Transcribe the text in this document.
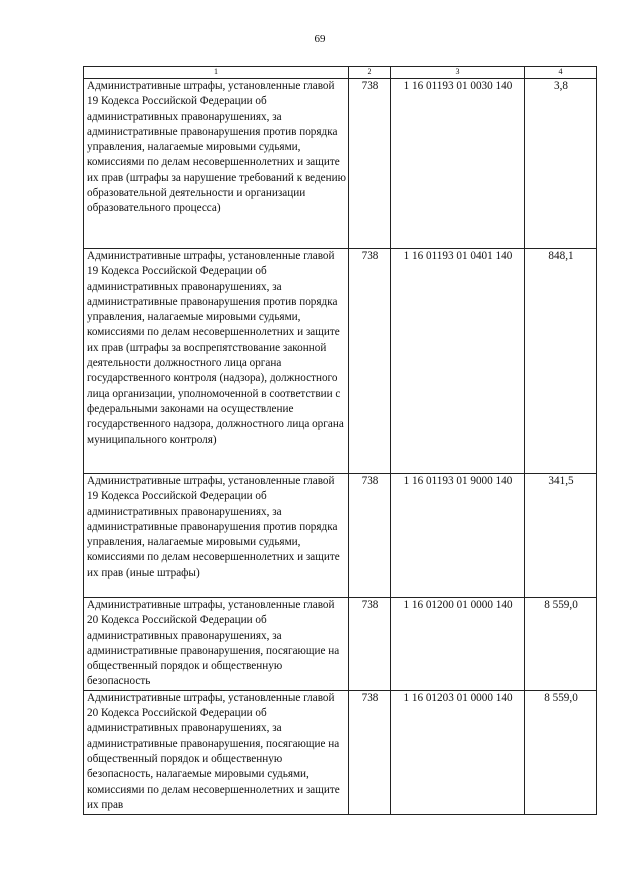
69
1	2	3	4
Административные штрафы, установленные главой 19 Кодекса Российской Федерации об административных правонарушениях, за административные правонарушения против порядка управления, налагаемые мировыми судьями, комиссиями по делам несовершеннолетних и защите их прав (штрафы за нарушение требований к ведению образовательной деятельности и организации образовательного процесса)	738	1 16 01193 01 0030 140	3,8
Административные штрафы, установленные главой 19 Кодекса Российской Федерации об административных правонарушениях, за административные правонарушения против порядка управления, налагаемые мировыми судьями, комиссиями по делам несовершеннолетних и защите их прав (штрафы за воспрепятствование законной деятельности должностного лица органа государственного контроля (надзора), должностного лица организации, уполномоченной в соответствии с федеральными законами на осуществление государственного надзора, должностного лица органа муниципального контроля)	738	1 16 01193 01 0401 140	848,1
Административные штрафы, установленные главой 19 Кодекса Российской Федерации об административных правонарушениях, за административные правонарушения против порядка управления, налагаемые мировыми судьями, комиссиями по делам несовершеннолетних и защите их прав (иные штрафы)	738	1 16 01193 01 9000 140	341,5
Административные штрафы, установленные главой 20 Кодекса Российской Федерации об административных правонарушениях, за административные правонарушения, посягающие на общественный порядок и общественную безопасность	738	1 16 01200 01 0000 140	8 559,0
Административные штрафы, установленные главой 20 Кодекса Российской Федерации об административных правонарушениях, за административные правонарушения, посягающие на общественный порядок и общественную безопасность, налагаемые мировыми судьями, комиссиями по делам несовершеннолетних и защите их прав	738	1 16 01203 01 0000 140	8 559,0
